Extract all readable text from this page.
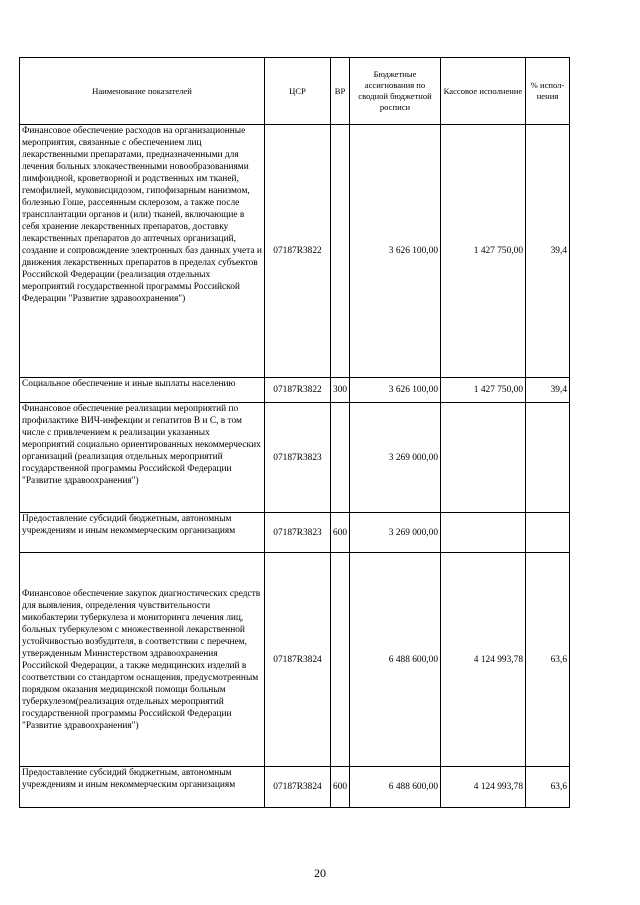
Наименование показателей	ЦСР	ВР	Бюджетные ассигнования по сводной бюджетной росписи	Кассовое исполнение	% испол-нения

Финансовое обеспечение расходов на организационные мероприятия, связанные с обеспечением лиц лекарственными препаратами, предназначенными для лечения больных злокачественными новообразованиями лимфоидной, кроветворной и родственных им тканей, гемофилией, муковисцидозом, гипофизарным нанизмом, болезнью Гоше, рассеянным склерозом, а также после трансплантации органов и (или) тканей, включающие в себя хранение лекарственных препаратов, доставку лекарственных препаратов до аптечных организаций, создание и сопровождение электронных баз данных учета и движения лекарственных препаратов в пределах субъектов Российской Федерации (реализация отдельных мероприятий государственной программы Российской Федерации "Развитие здравоохранения")	07187R3822		3 626 100,00	1 427 750,00	39,4

Социальное обеспечение и иные выплаты населению	07187R3822	300	3 626 100,00	1 427 750,00	39,4

Финансовое обеспечение реализации мероприятий по профилактике ВИЧ-инфекции и гепатитов В и С, в том числе с привлечением к реализации указанных мероприятий социально ориентированных некоммерческих организаций (реализация отдельных мероприятий государственной программы Российской Федерации "Развитие здравоохранения")	07187R3823		3 269 000,00		

Предоставление субсидий бюджетным, автономным учреждениям и иным некоммерческим организациям	07187R3823	600	3 269 000,00		

Финансовое обеспечение закупок диагностических средств для выявления, определения чувствительности микобактерии туберкулеза и мониторинга лечения лиц, больных туберкулезом с множественной лекарственной устойчивостью возбудителя, в соответствии с перечнем, утвержденным Министерством здравоохранения Российской Федерации, а также медицинских изделий в соответствии со стандартом оснащения, предусмотренным порядком оказания медицинской помощи больным туберкулезом(реализация отдельных мероприятий государственной программы Российской Федерации "Развитие здравоохранения")	07187R3824		6 488 600,00	4 124 993,78	63,6

Предоставление субсидий бюджетным, автономным учреждениям и иным некоммерческим организациям	07187R3824	600	6 488 600,00	4 124 993,78	63,6
20
